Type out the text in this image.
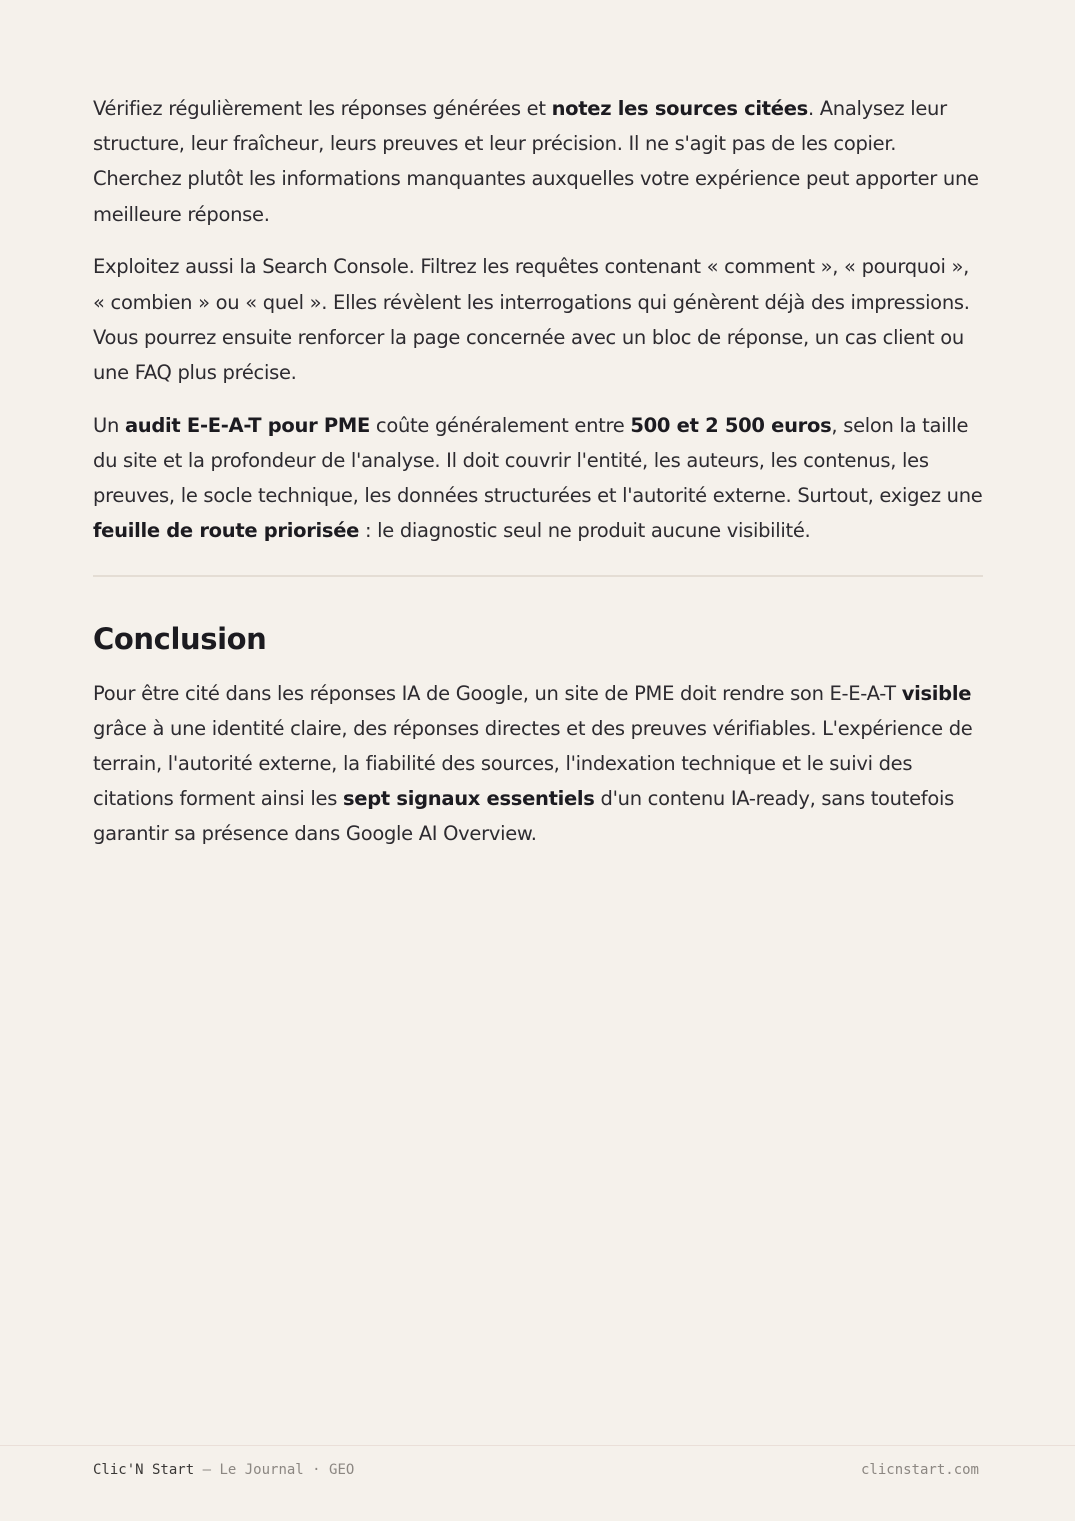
Vérifiez régulièrement les réponses générées et notez les sources citées. Analysez leur structure, leur fraîcheur, leurs preuves et leur précision. Il ne s'agit pas de les copier. Cherchez plutôt les informations manquantes auxquelles votre expérience peut apporter une meilleure réponse.

Exploitez aussi la Search Console. Filtrez les requêtes contenant « comment », « pourquoi », « combien » ou « quel ». Elles révèlent les interrogations qui génèrent déjà des impressions. Vous pourrez ensuite renforcer la page concernée avec un bloc de réponse, un cas client ou une FAQ plus précise.

Un audit E-E-A-T pour PME coûte généralement entre 500 et 2 500 euros, selon la taille du site et la profondeur de l'analyse. Il doit couvrir l'entité, les auteurs, les contenus, les preuves, le socle technique, les données structurées et l'autorité externe. Surtout, exigez une feuille de route priorisée : le diagnostic seul ne produit aucune visibilité.

Conclusion

Pour être cité dans les réponses IA de Google, un site de PME doit rendre son E-E-A-T visible grâce à une identité claire, des réponses directes et des preuves vérifiables. L'expérience de terrain, l'autorité externe, la fiabilité des sources, l'indexation technique et le suivi des citations forment ainsi les sept signaux essentiels d'un contenu IA-ready, sans toutefois garantir sa présence dans Google AI Overview.

Clic'N Start — Le Journal · GEO	clicnstart.com
